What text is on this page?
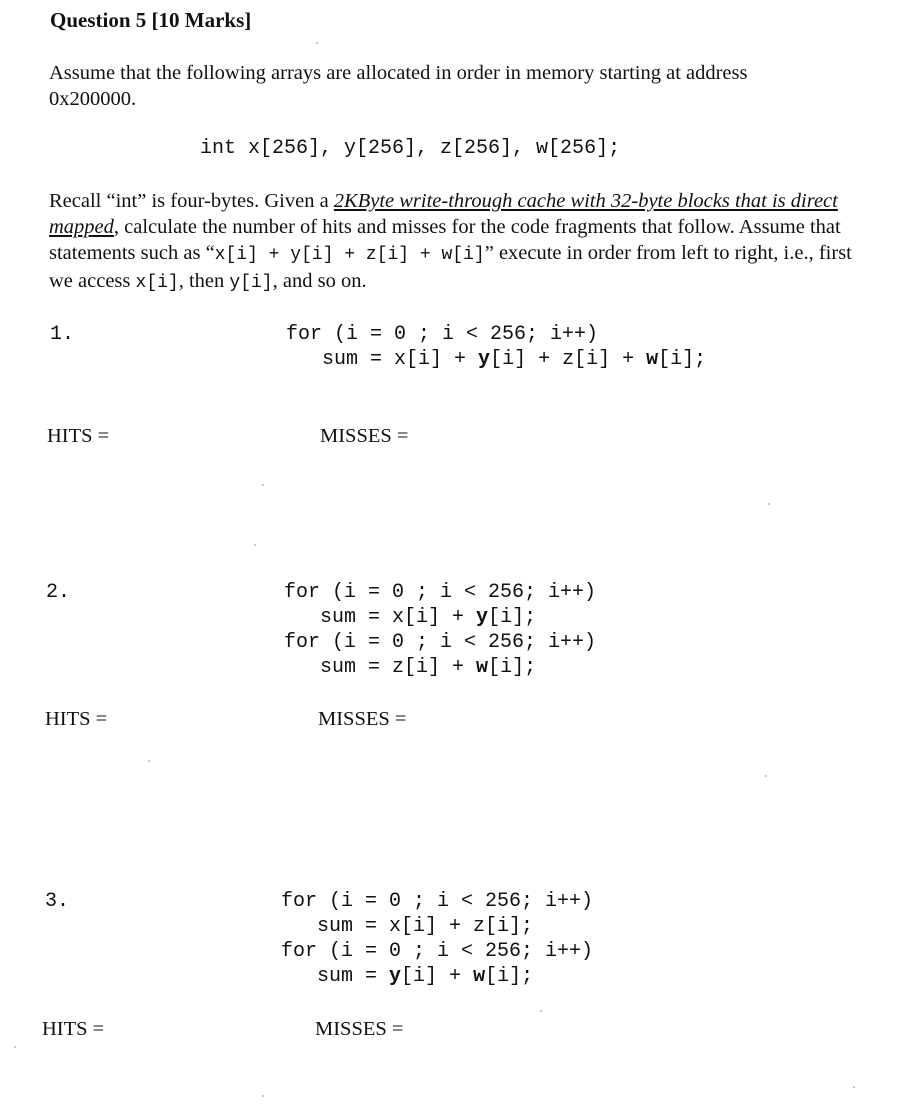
Question 5 [10 Marks]
Assume that the following arrays are allocated in order in memory starting at address
0x200000.
int x[256], y[256], z[256], w[256];
Recall “int” is four-bytes. Given a 2KByte write-through cache with 32-byte blocks that is direct mapped, calculate the number of hits and misses for the code fragments that follow. Assume that statements such as “x[i] + y[i] + z[i] + w[i]” execute in order from left to right, i.e., first we access x[i], then y[i], and so on.
1.	for (i = 0 ; i < 256; i++)
sum = x[i] + y[i] + z[i] + w[i];
HITS =	MISSES =
2.	for (i = 0 ; i < 256; i++)
sum = x[i] + y[i];
for (i = 0 ; i < 256; i++)
sum = z[i] + w[i];
HITS =	MISSES =
3.	for (i = 0 ; i < 256; i++)
sum = x[i] + z[i];
for (i = 0 ; i < 256; i++)
sum = y[i] + w[i];
HITS =	MISSES =
